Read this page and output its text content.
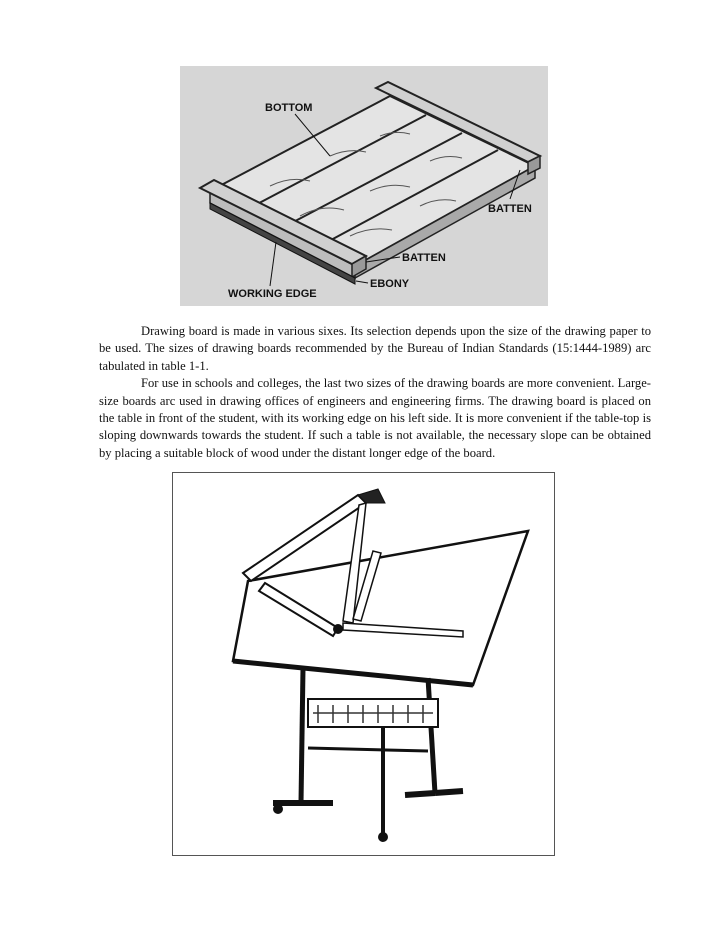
BOTTOM
BATTEN
BATTEN
EBONY
WORKING EDGE

Drawing board is made in various sixes. Its selection depends upon the size of the drawing paper to be used. The sizes of drawing boards recommended by the Bureau of Indian Standards (15:1444-1989) arc tabulated in table 1-1.

For use in schools and colleges, the last two sizes of the drawing boards are more convenient. Large-size boards arc used in drawing offices of engineers and engineering firms. The drawing board is placed on the table in front of the student, with its working edge on his left side. It is more convenient if the table-top is sloping downwards towards the student. If such a table is not available, the necessary slope can be obtained by placing a suitable block of wood under the distant longer edge of the board.
